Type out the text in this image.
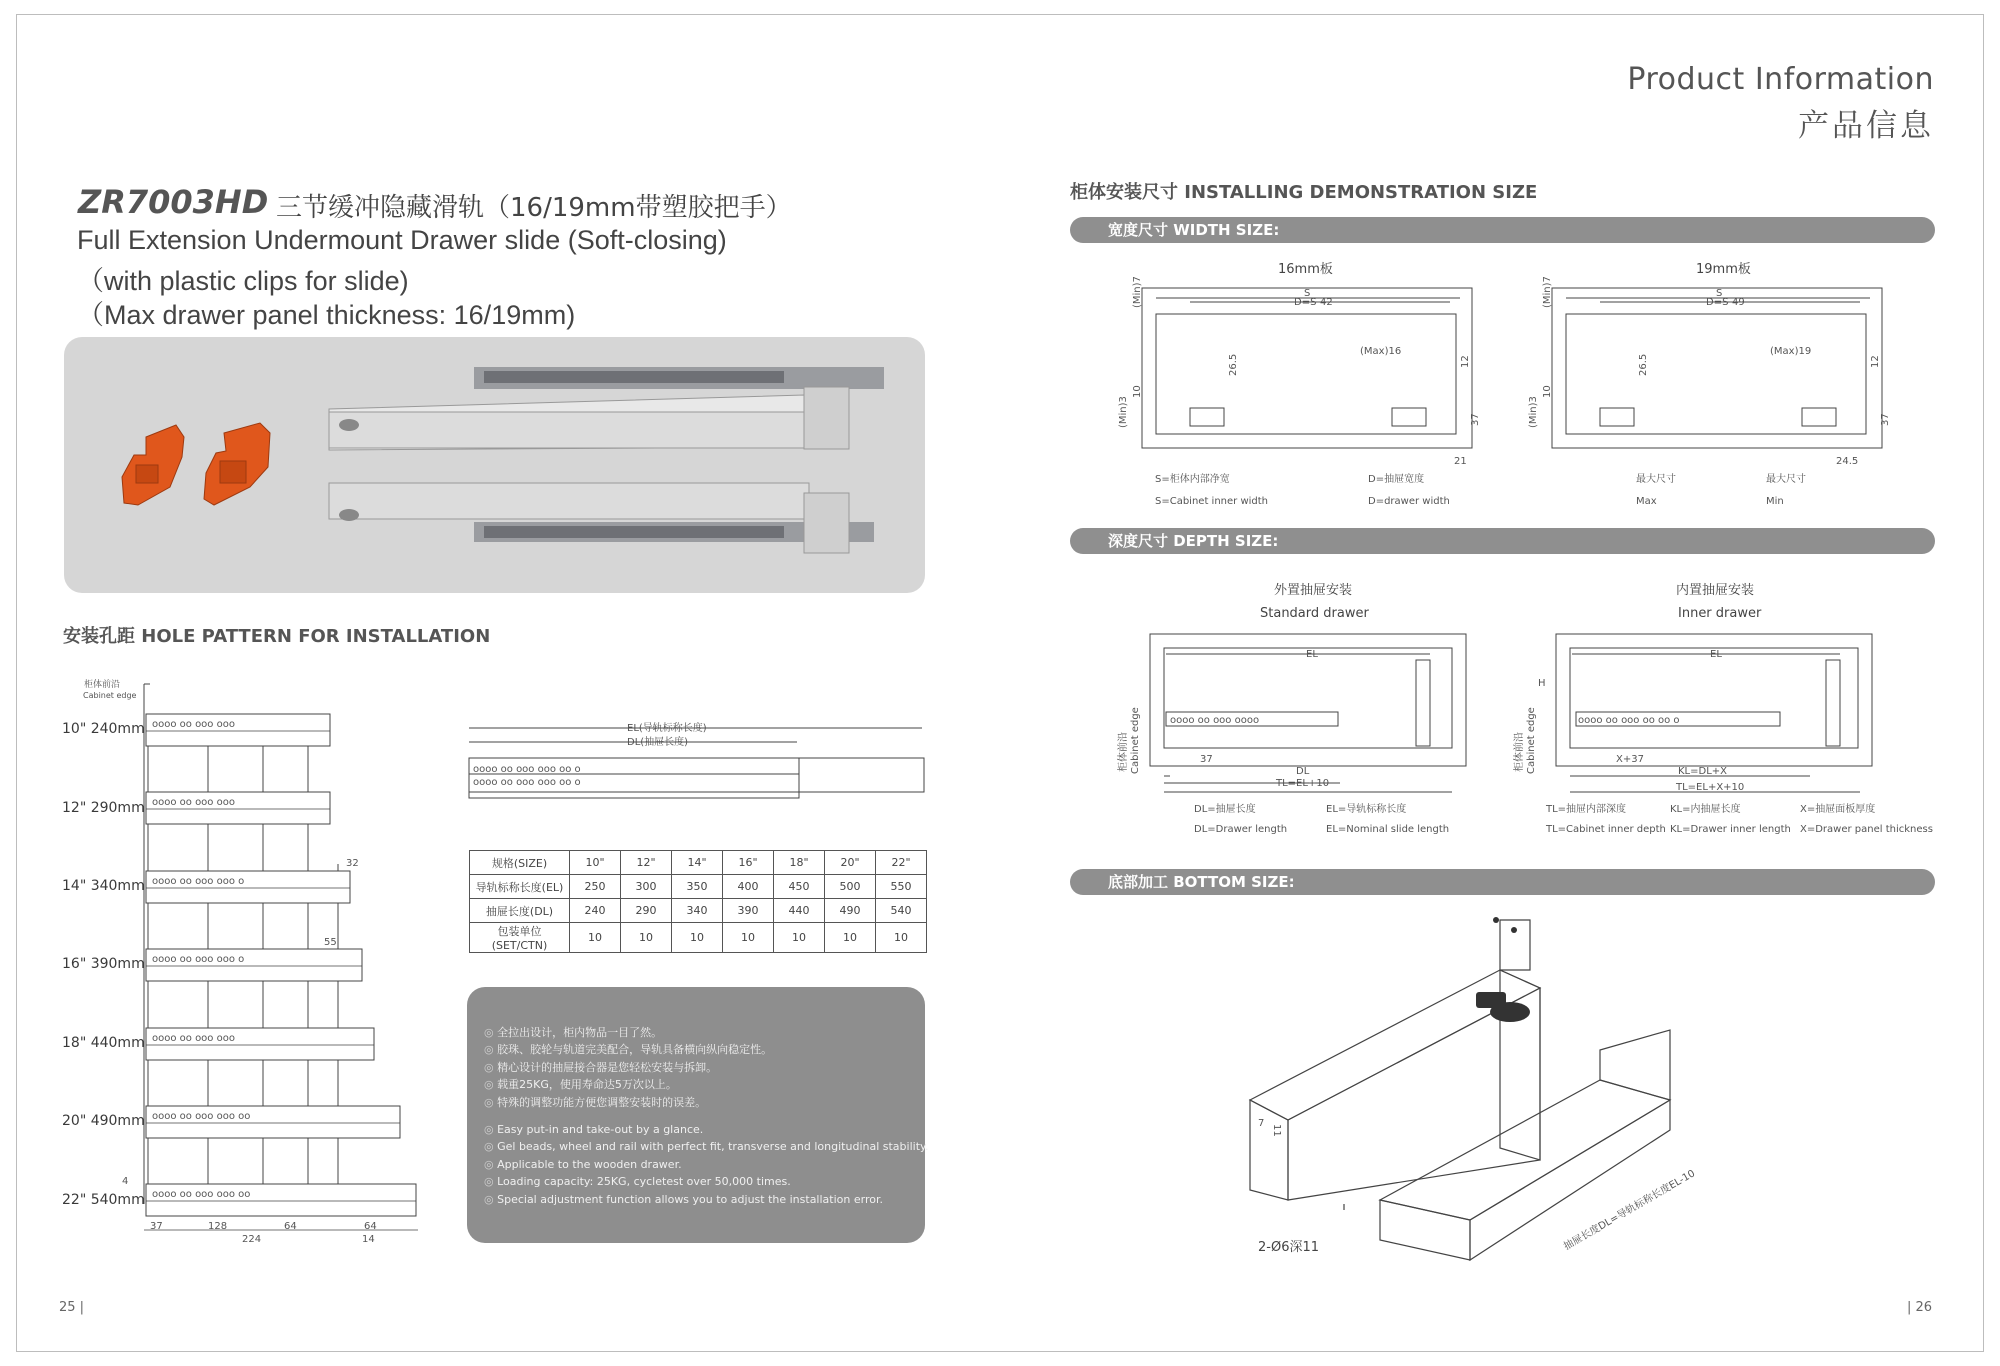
Product Information
产品信息
ZR7003HD 三节缓冲隐藏滑轨（16/19mm带塑胶把手）
Full Extension Undermount Drawer slide (Soft-closing)
（with plastic clips for slide)
（Max drawer panel thickness: 16/19mm)
安装孔距 HOLE PATTERN FOR INSTALLATION
柜体前沿
Cabinet edge
10" 240mm
12" 290mm
14" 340mm
16" 390mm
18" 440mm
20" 490mm
22" 540mm
oooo oo ooo ooo
oooo oo ooo ooo
oooo oo ooo ooo o
oooo oo ooo ooo o
oooo oo ooo ooo
oooo oo ooo ooo oo
oooo oo ooo ooo oo
32
55
4
37	128
224
64	64
14
EL(导轨标称长度)
DL(抽屉长度)
oooo oo ooo ooo oo o
oooo oo ooo ooo oo o
规格(SIZE)	10"	12"	14"	16"	18"	20"	22"
导轨标称长度(EL)	250	300	350	400	450	500	550
抽屉长度(DL)	240	290	340	390	440	490	540
包装单位(SET/CTN)	10	10	10	10	10	10	10
◎ 全拉出设计，柜内物品一目了然。
◎ 胶珠、胶轮与轨道完美配合，导轨具备横向纵向稳定性。
◎ 精心设计的抽屉接合器是您轻松安装与拆卸。
◎ 载重25KG，使用寿命达5万次以上。
◎ 特殊的调整功能方便您调整安装时的误差。
◎ Easy put-in and take-out by a glance.
◎ Gel beads, wheel and rail with perfect fit, transverse and longitudinal stability.
◎ Applicable to the wooden drawer.
◎ Loading capacity: 25KG, cycletest over 50,000 times.
◎ Special adjustment function allows you to adjust the installation error.
柜体安装尺寸 INSTALLING DEMONSTRATION SIZE
宽度尺寸 WIDTH SIZE:
深度尺寸 DEPTH SIZE:
底部加工 BOTTOM SIZE:
16mm板
S
D=S-42
(Max)16
(Min)7
26.5	12
(Min)3
10
37
21
S=柜体内部净宽
S=Cabinet inner width
D=抽屉宽度
D=drawer width
19mm板
S
D=S-49
(Max)19
(Min)7
26.5	12
(Min)3
10
37
24.5
最大尺寸
Max
最大尺寸
Min
外置抽屉安装
Standard drawer
EL
oooo oo ooo oooo
37
DL
TL=EL+10
柜体前沿 Cabinet edge
DL=抽屉长度
DL=Drawer length
EL=导轨标称长度
EL=Nominal slide length
内置抽屉安装
Inner drawer
EL
H
oooo oo ooo oo oo o
X+37
KL=DL+X
TL=EL+X+10
柜体前沿 Cabinet edge
TL=抽屉内部深度
TL=Cabinet inner depth
KL=内抽屉长度
KL=Drawer inner length
X=抽屉面板厚度
X=Drawer panel thickness
2-Ø6深11
7
11
抽屉长度DL=导轨标称长度EL-10
25 |	| 26
